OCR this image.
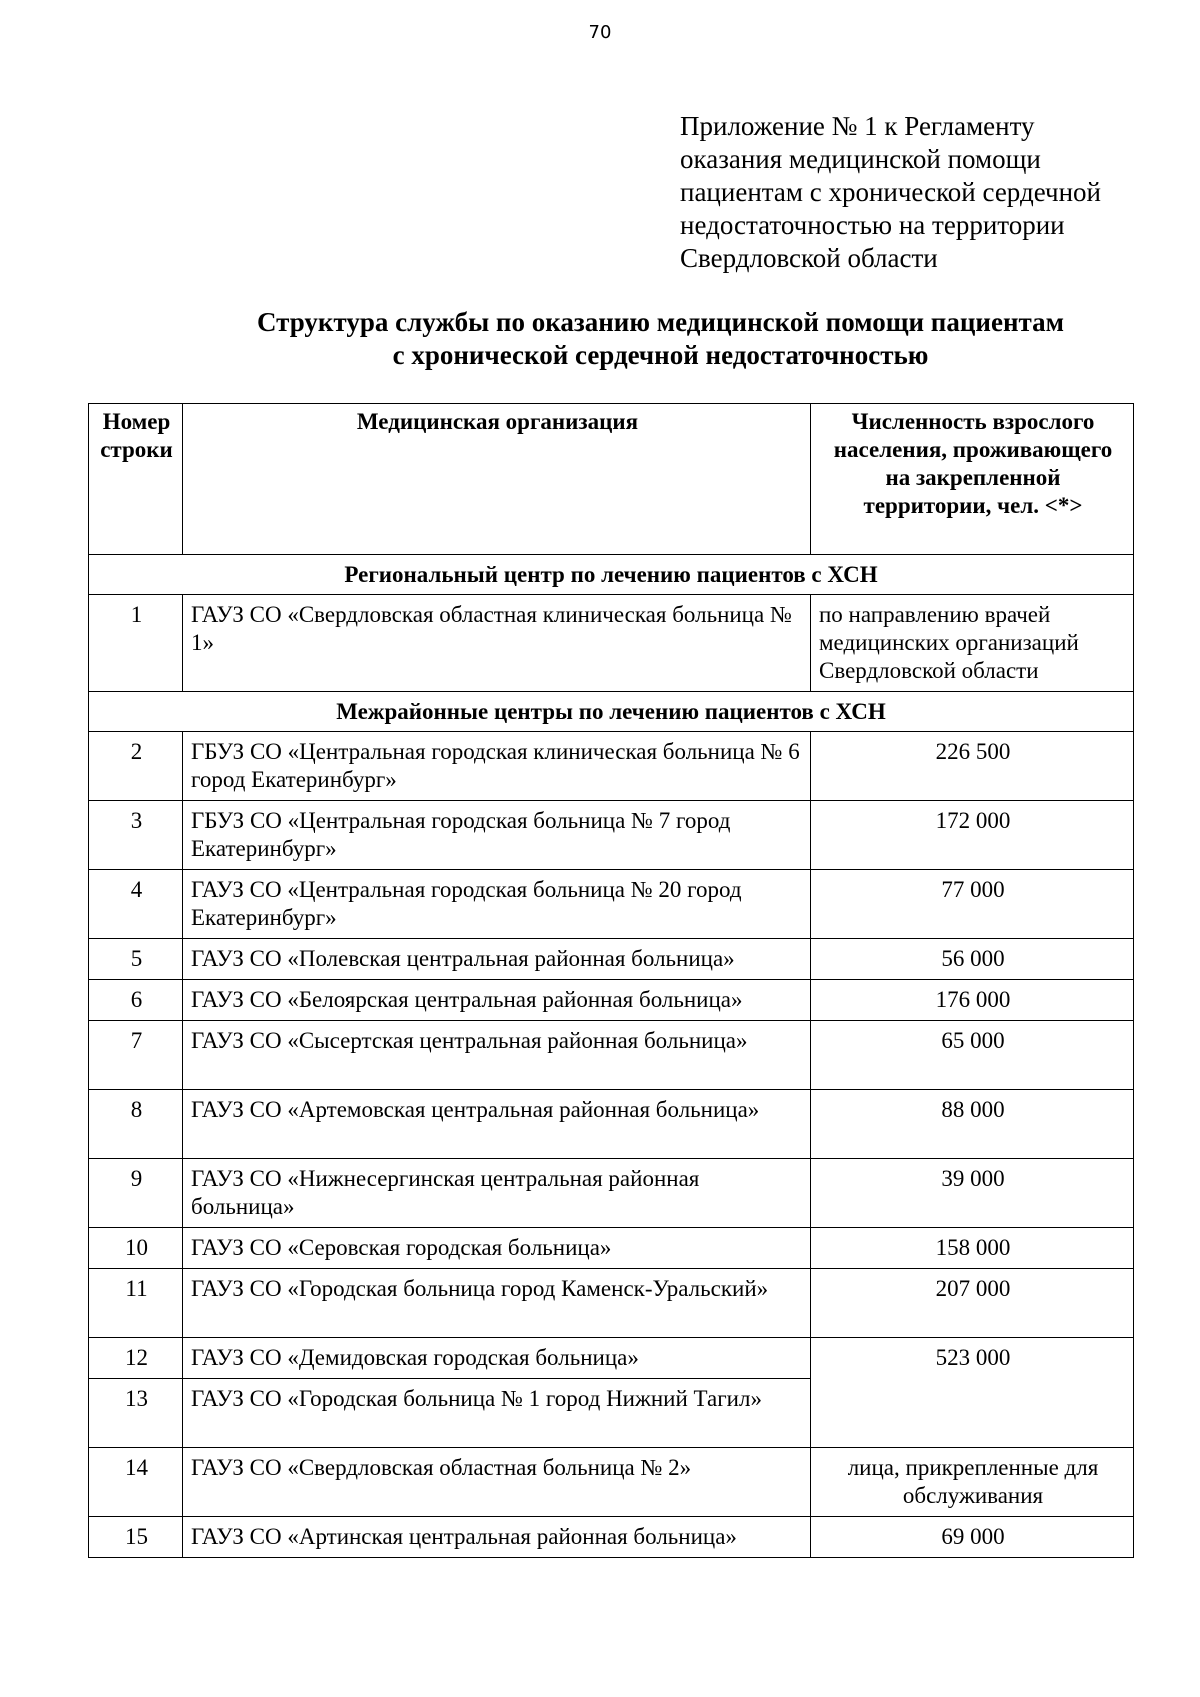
70
Приложение № 1 к Регламенту
оказания медицинской помощи
пациентам с хронической сердечной
недостаточностью на территории
Свердловской области
Структура службы по оказанию медицинской помощи пациентам
с хронической сердечной недостаточностью
Номер строки	Медицинская организация	Численность взрослого населения, проживающего на закрепленной территории, чел. <*>
Региональный центр по лечению пациентов с ХСН		
1	ГАУЗ СО «Свердловская областная клиническая больница № 1»	по направлению врачей медицинских организаций Свердловской области
Межрайонные центры по лечению пациентов с ХСН		
2	ГБУЗ СО «Центральная городская клиническая больница № 6 город Екатеринбург»	226 500
3	ГБУЗ СО «Центральная городская больница № 7 город Екатеринбург»	172 000
4	ГАУЗ СО «Центральная городская больница № 20 город Екатеринбург»	77 000
5	ГАУЗ СО «Полевская центральная районная больница»	56 000
6	ГАУЗ СО «Белоярская центральная районная больница»	176 000
7	ГАУЗ СО «Сысертская центральная районная больница»	65 000
8	ГАУЗ СО «Артемовская центральная районная больница»	88 000
9	ГАУЗ СО «Нижнесергинская центральная районная больница»	39 000
10	ГАУЗ СО «Серовская городская больница»	158 000
11	ГАУЗ СО «Городская больница город Каменск-Уральский»	207 000
12	ГАУЗ СО «Демидовская городская больница»	523 000
13	ГАУЗ СО «Городская больница № 1 город Нижний Тагил»	
14	ГАУЗ СО «Свердловская областная больница № 2»	лица, прикрепленные для обслуживания
15	ГАУЗ СО «Артинская центральная районная больница»	69 000
